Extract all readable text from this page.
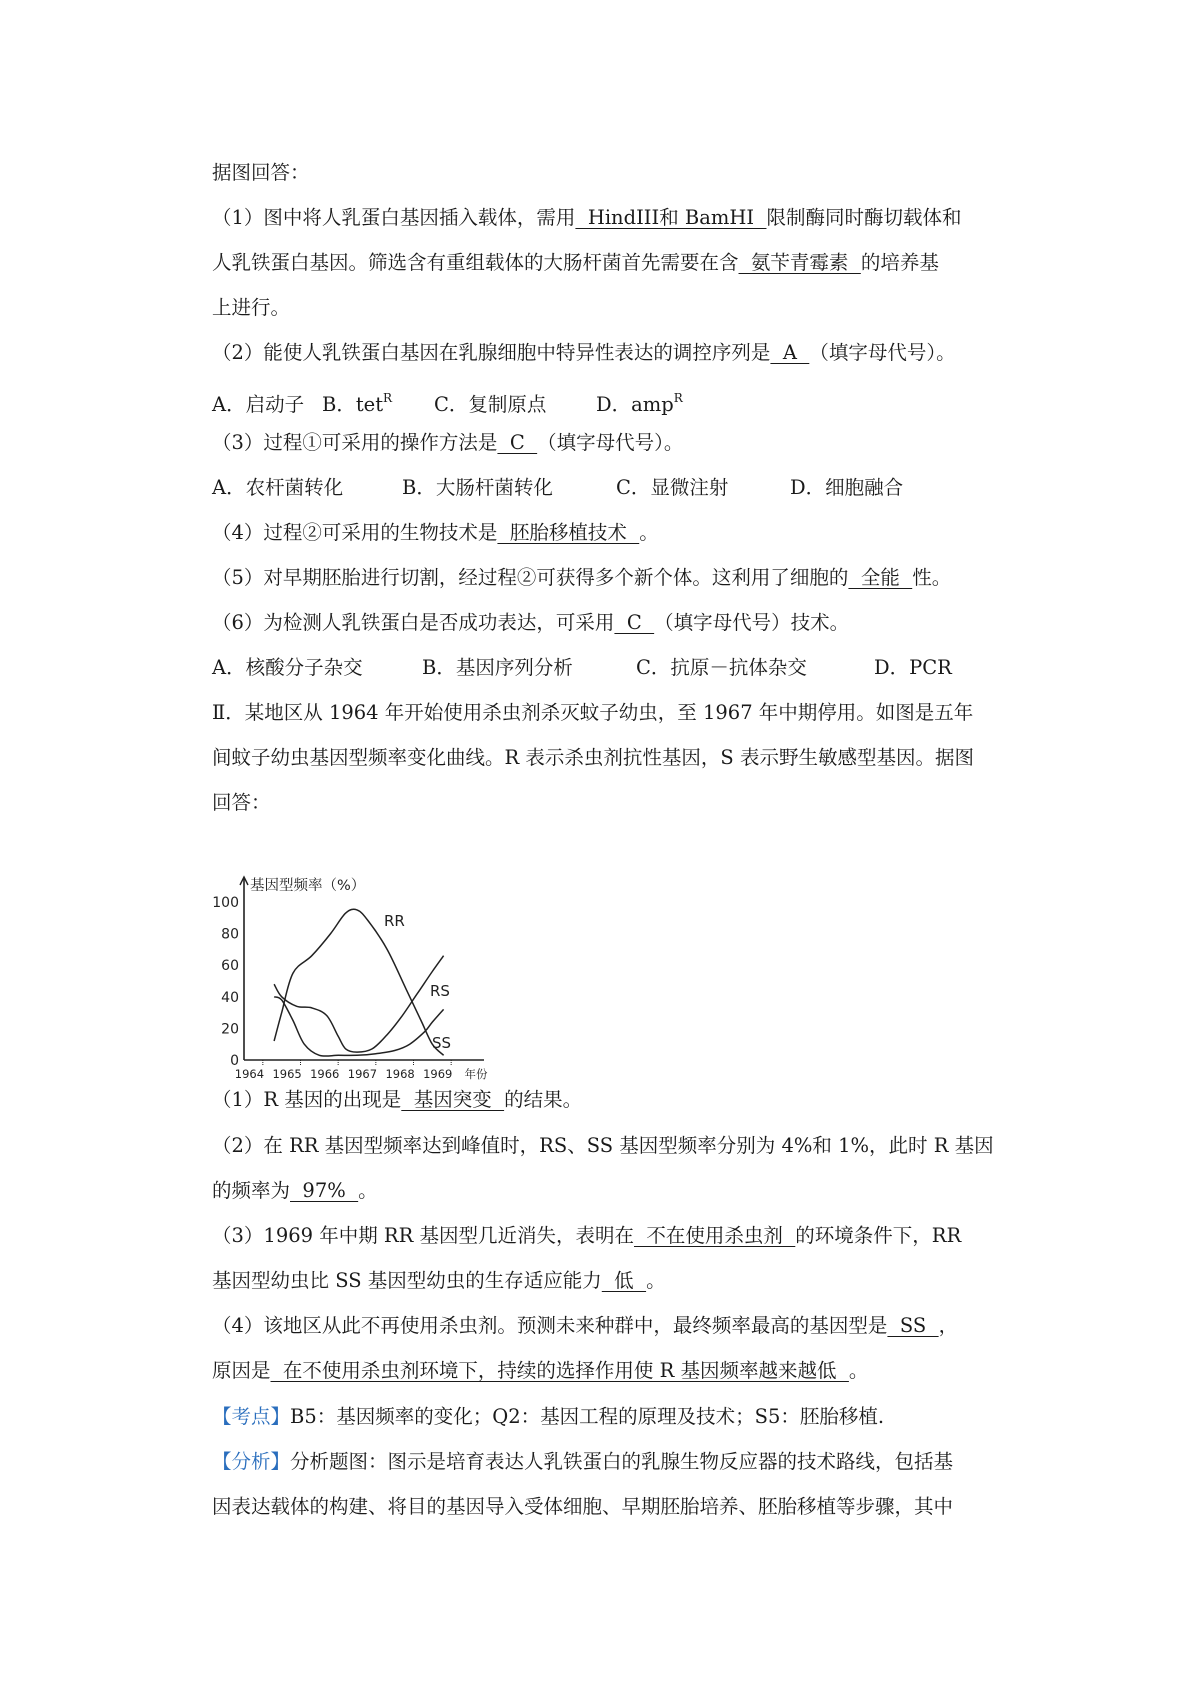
据图回答：
（1）图中将人乳蛋白基因插入载体，需用  HindIII和 BamHⅠ  限制酶同时酶切载体和
人乳铁蛋白基因。筛选含有重组载体的大肠杆菌首先需要在含  氨苄青霉素  的培养基
上进行。
（2）能使人乳铁蛋白基因在乳腺细胞中特异性表达的调控序列是  A  （填字母代号）。
A．启动子 B．tet$^R$ C．复制原点	D．amp$^R$
（3）过程①可采用的操作方法是  C  （填字母代号）。
A．农杆菌转化	B．大肠杆菌转化	C．显微注射	D．细胞融合
（4）过程②可采用的生物技术是  胚胎移植技术  。
（5）对早期胚胎进行切割，经过程②可获得多个新个体。这利用了细胞的  全能  性。
（6）为检测人乳铁蛋白是否成功表达，可采用  C  （填字母代号）技术。
A．核酸分子杂交	B．基因序列分析	C．抗原－抗体杂交	D．PCR
Ⅱ．某地区从 1964 年开始使用杀虫剂杀灭蚊子幼虫，至 1967 年中期停用。如图是五年
间蚊子幼虫基因型频率变化曲线。R 表示杀虫剂抗性基因，S 表示野生敏感型基因。据图
回答：
0
20
40
60
80
100
1964 1965 1966 1967 1968 1969
基因型频率（%）
年份
RR
RS
SS
（1）R 基因的出现是  基因突变  的结果。
（2）在 RR 基因型频率达到峰值时，RS、SS 基因型频率分别为 4%和 1%，此时 R 基因
的频率为  97%  。
（3）1969 年中期 RR 基因型几近消失，表明在  不在使用杀虫剂  的环境条件下，RR
基因型幼虫比 SS 基因型幼虫的生存适应能力  低  。
（4）该地区从此不再使用杀虫剂。预测未来种群中，最终频率最高的基因型是  SS  ，
原因是  在不使用杀虫剂环境下，持续的选择作用使 R 基因频率越来越低  。
【考点】B5：基因频率的变化；Q2：基因工程的原理及技术；S5：胚胎移植.
【分析】分析题图：图示是培育表达人乳铁蛋白的乳腺生物反应器的技术路线，包括基
因表达载体的构建、将目的基因导入受体细胞、早期胚胎培养、胚胎移植等步骤，其中
